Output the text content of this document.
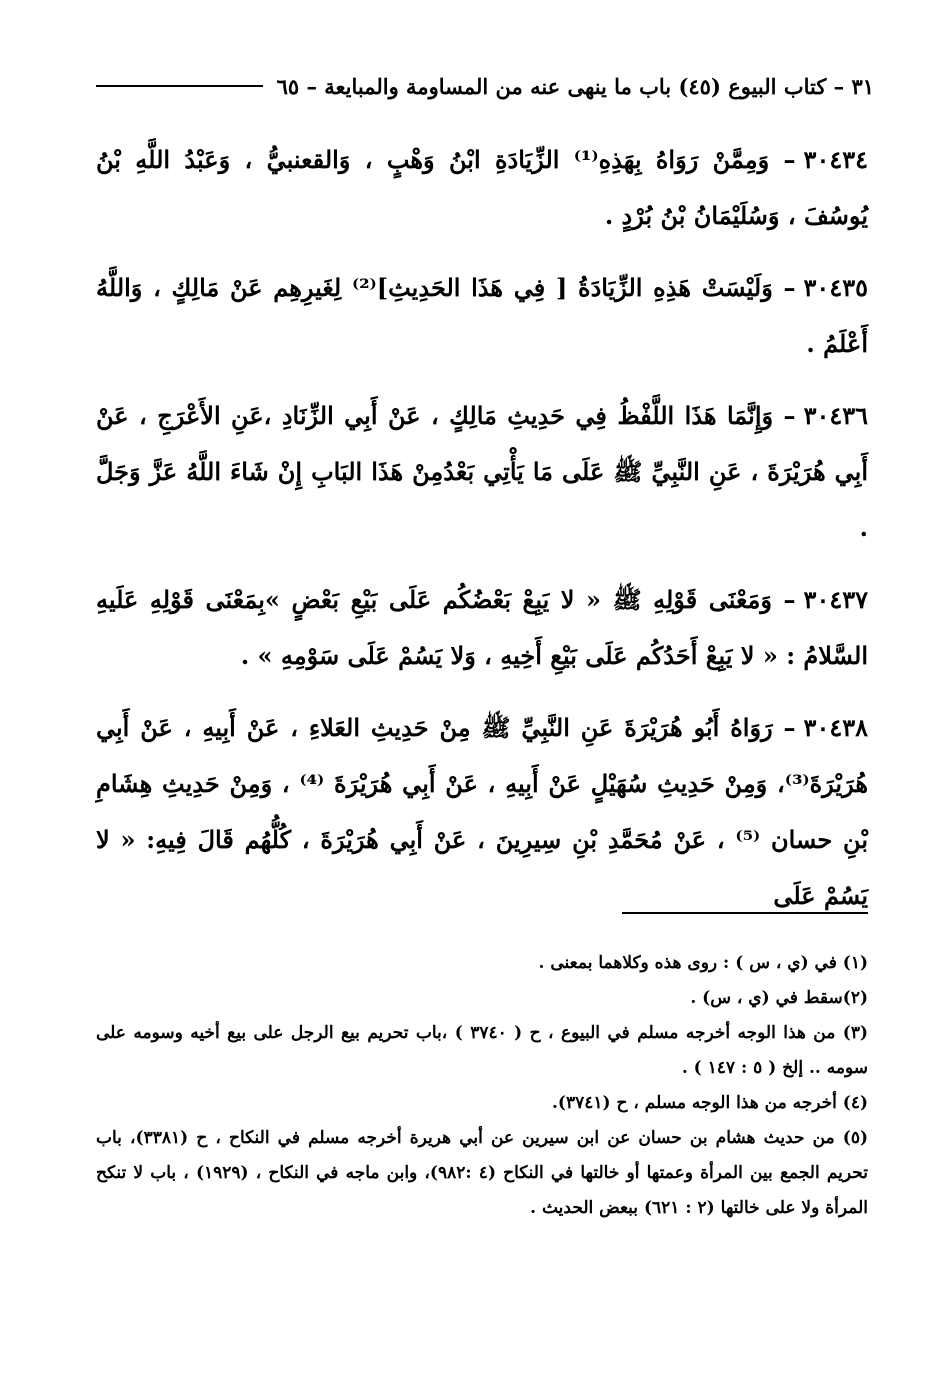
٣١ – كتاب البيوع (٤٥) باب ما ينهى عنه من المساومة والمبايعة – ٦٥

٣٠٤٣٤– وَمِمَّنْ رَوَاهُ بِهَذِهِ⁽¹⁾ الزِّيَادَةِ ابْنُ وَهْبٍ ، وَالقعنبيُّ ، وَعَبْدُ اللَّهِ بْنُ يُوسُفَ ، وَسُلَيْمَانُ بْنُ بُرْدٍ .

٣٠٤٣٥– وَلَيْسَتْ هَذِهِ الزِّيَادَةُ [ فِي هَذَا الحَدِيثِ]⁽²⁾ لِغَيرِهِم عَنْ مَالِكٍ ، وَاللَّهُ أَعْلَمُ .

٣٠٤٣٦– وَإِنَّمَا هَذَا اللَّفْظُ فِي حَدِيثِ مَالِكٍ ، عَنْ أَبِي الزِّنَادِ ،عَنِ الأَعْرَجِ ، عَنْ أَبِي هُرَيْرَةَ ، عَنِ النَّبِيِّ ﷺ عَلَى مَا يَأْتِي بَعْدُمِنْ هَذَا البَابِ إِنْ شَاءَ اللَّهُ عَزَّ وَجَلَّ .

٣٠٤٣٧– وَمَعْنَى قَوْلِهِ ﷺ « لا يَبِعْ بَعْضُكُم عَلَى بَيْعِ بَعْضٍ »بِمَعْنَى قَوْلِهِ عَلَيهِ السَّلامُ : « لا يَبِعْ أَحَدُكُم عَلَى بَيْعِ أَخِيهِ ، وَلا يَسُمْ عَلَى سَوْمِهِ » .

٣٠٤٣٨– رَوَاهُ أَبُو هُرَيْرَةَ عَنِ النَّبِيِّ ﷺ مِنْ حَدِيثِ العَلاءِ ، عَنْ أَبِيهِ ، عَنْ أَبِي هُرَيْرَةَ⁽³⁾، وَمِنْ حَدِيثِ سُهَيْلٍ عَنْ أَبِيهِ ، عَنْ أَبِي هُرَيْرَةَ ⁽⁴⁾ ، وَمِنْ حَدِيثِ هِشَامِ بْنِ حسان ⁽⁵⁾ ، عَنْ مُحَمَّدِ بْنِ سِيرِينَ ، عَنْ أَبِي هُرَيْرَةَ ، كُلُّهُم قَالَ فِيهِ: « لا يَسُمْ عَلَى

(١) في (ي ، س ) : روى هذه وكلاهما بمعنى .

(٢)سقط في (ي ، س) .

(٣) من هذا الوجه أخرجه مسلم في البيوع ، ح ( ٣٧٤٠ ) ،باب تحريم بيع الرجل على بيع أخيه وسومه على سومه .. إلخ ( ٥ : ١٤٧ ) .

(٤) أخرجه من هذا الوجه مسلم ، ح (٣٧٤١).

(٥) من حديث هشام بن حسان عن ابن سيرين عن أبي هريرة أخرجه مسلم في النكاح ، ح (٣٣٨١)، باب تحريم الجمع بين المرأة وعمتها أو خالتها في النكاح (٤ :٩٨٢)، وابن ماجه في النكاح ، (١٩٢٩) ، باب لا تنكح المرأة ولا على خالتها (٢ : ٦٢١) ببعض الحديث .
